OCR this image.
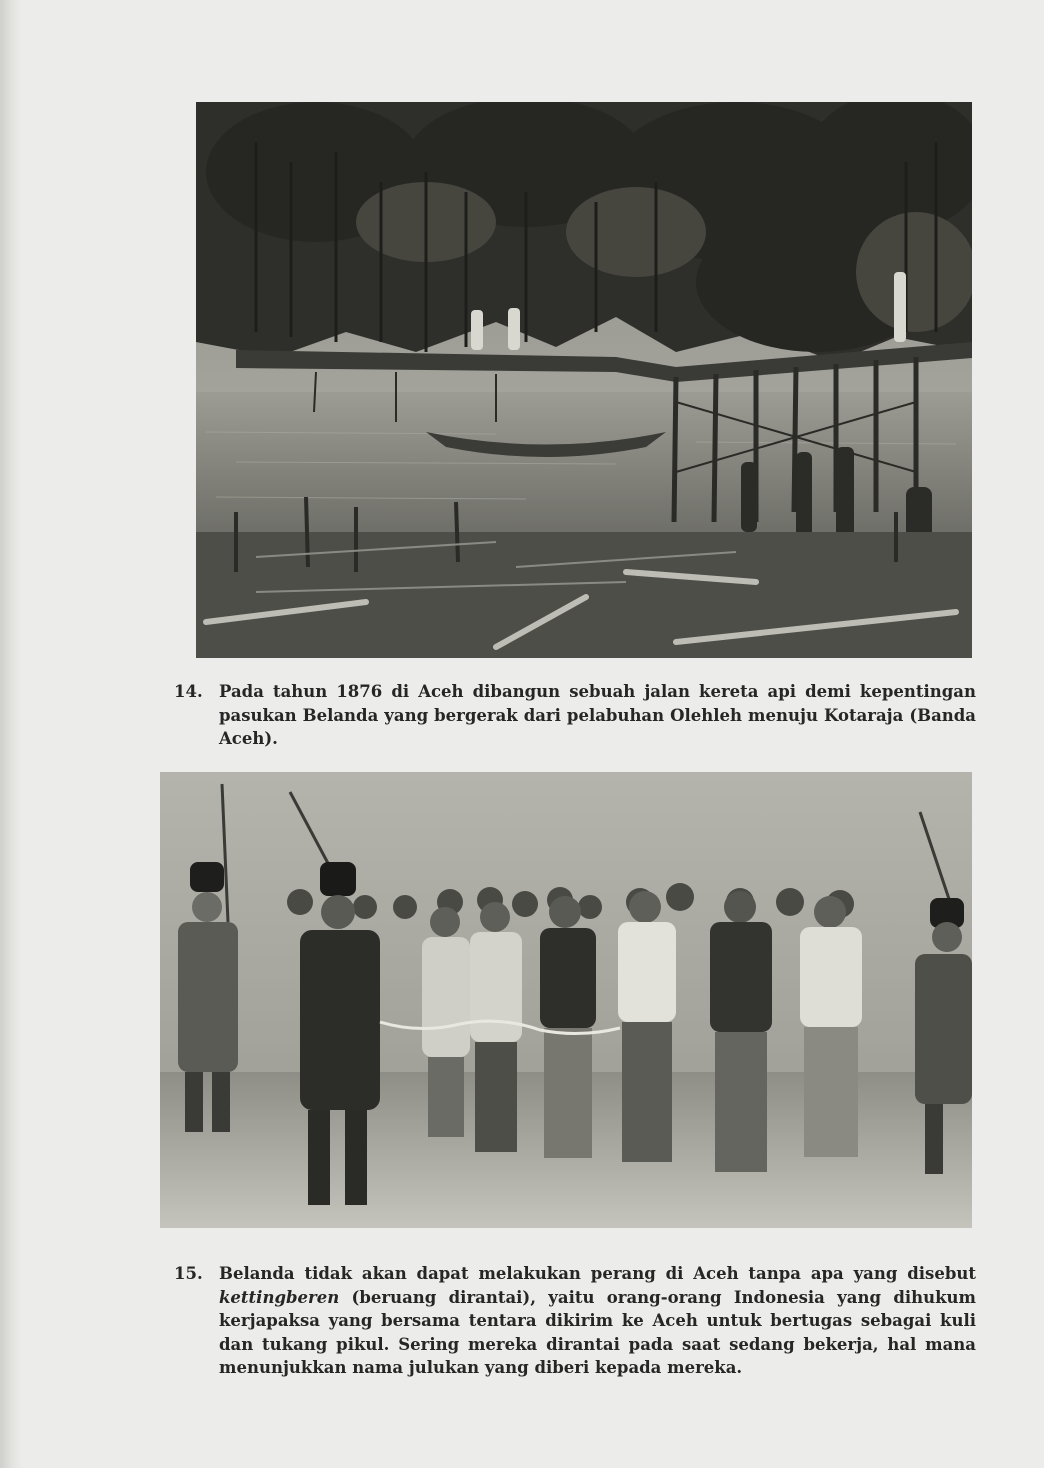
14. Pada tahun 1876 di Aceh dibangun sebuah jalan kereta api demi kepentingan pasukan Belanda yang bergerak dari pelabuhan Olehleh menuju Kotaraja (Banda Aceh).
15. Belanda tidak akan dapat melakukan perang di Aceh tanpa apa yang disebut kettingberen (beruang dirantai), yaitu orang-orang Indonesia yang dihukum kerjapaksa yang bersama tentara dikirim ke Aceh untuk bertugas sebagai kuli dan tukang pikul. Sering mereka dirantai pada saat sedang bekerja, hal mana menunjukkan nama julukan yang diberi kepada mereka.
